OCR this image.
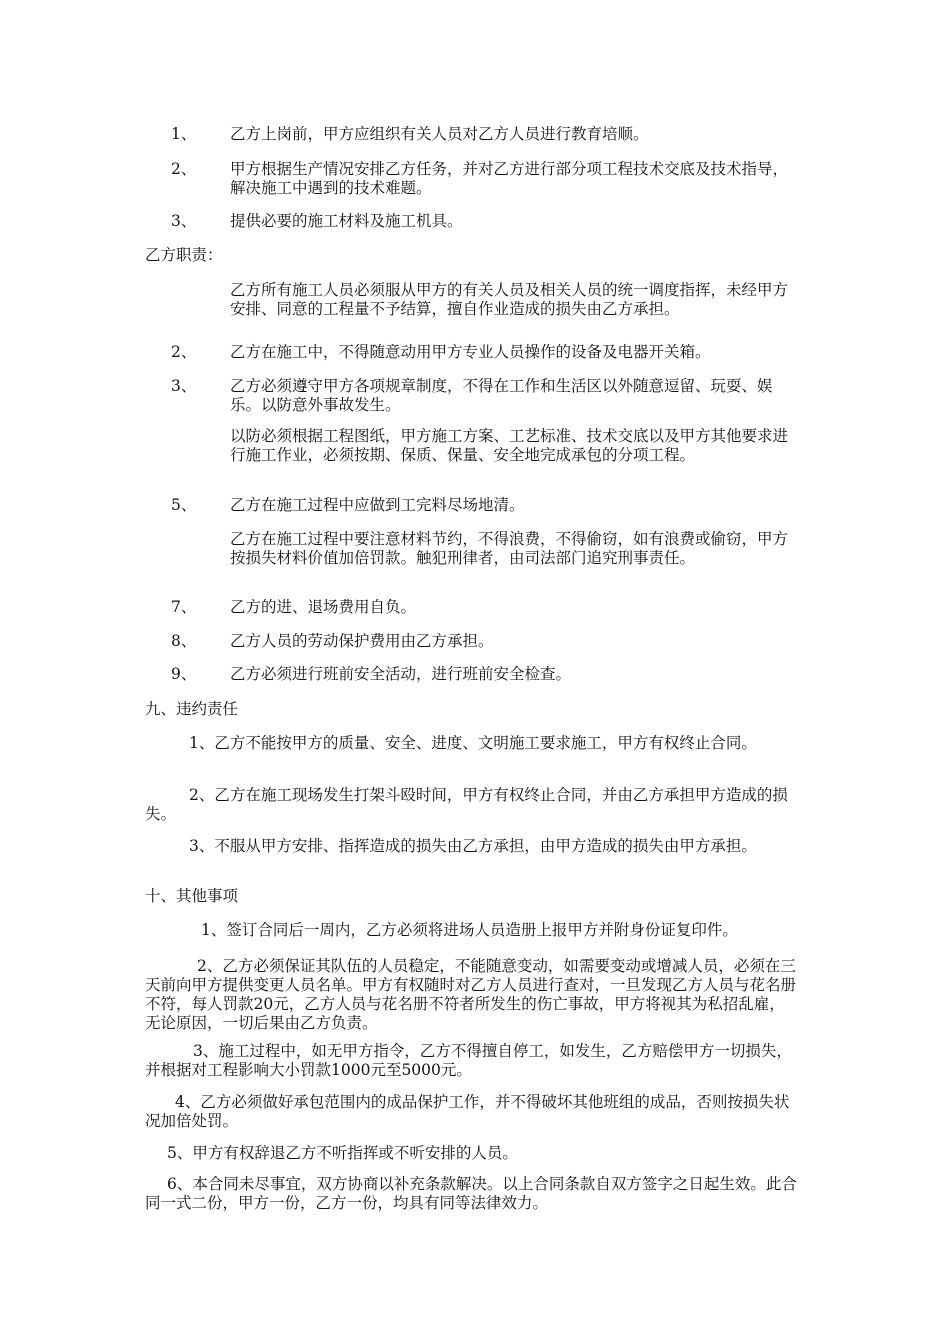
1、	乙方上岗前，甲方应组织有关人员对乙方人员进行教育培顺。
2、	甲方根据生产情况安排乙方任务，并对乙方进行部分项工程技术交底及技术指导，解决施工中遇到的技术难题。
3、	提供必要的施工材料及施工机具。
乙方职责：
乙方所有施工人员必须服从甲方的有关人员及相关人员的统一调度指挥，未经甲方安排、同意的工程量不予结算，擅自作业造成的损失由乙方承担。
2、	乙方在施工中，不得随意动用甲方专业人员操作的设备及电器开关箱。
3、	乙方必须遵守甲方各项规章制度，不得在工作和生活区以外随意逗留、玩耍、娱乐。以防意外事故发生。
以防必须根据工程图纸，甲方施工方案、工艺标准、技术交底以及甲方其他要求进行施工作业，必须按期、保质、保量、安全地完成承包的分项工程。
5、	乙方在施工过程中应做到工完料尽场地清。
乙方在施工过程中要注意材料节约，不得浪费，不得偷窃，如有浪费或偷窃，甲方按损失材料价值加倍罚款。触犯刑律者，由司法部门追究刑事责任。
7、	乙方的进、退场费用自负。
8、	乙方人员的劳动保护费用由乙方承担。
9、	乙方必须进行班前安全活动，进行班前安全检查。
九、违约责任
1、乙方不能按甲方的质量、安全、进度、文明施工要求施工，甲方有权终止合同。
2、乙方在施工现场发生打架斗殴时间，甲方有权终止合同，并由乙方承担甲方造成的损失。
3、不服从甲方安排、指挥造成的损失由乙方承担，由甲方造成的损失由甲方承担。
十、其他事项
1、签订合同后一周内，乙方必须将进场人员造册上报甲方并附身份证复印件。
2、乙方必须保证其队伍的人员稳定，不能随意变动，如需要变动或增减人员，必须在三天前向甲方提供变更人员名单。甲方有权随时对乙方人员进行查对，一旦发现乙方人员与花名册不符，每人罚款20元，乙方人员与花名册不符者所发生的伤亡事故，甲方将视其为私招乱雇，无论原因，一切后果由乙方负责。
3、施工过程中，如无甲方指令，乙方不得擅自停工，如发生，乙方赔偿甲方一切损失，并根据对工程影响大小罚款1000元至5000元。
4、乙方必须做好承包范围内的成品保护工作，并不得破坏其他班组的成品，否则按损失状况加倍处罚。
5、甲方有权辞退乙方不听指挥或不听安排的人员。
6、本合同未尽事宜，双方协商以补充条款解决。以上合同条款自双方签字之日起生效。此合同一式二份，甲方一份，乙方一份，均具有同等法律效力。
